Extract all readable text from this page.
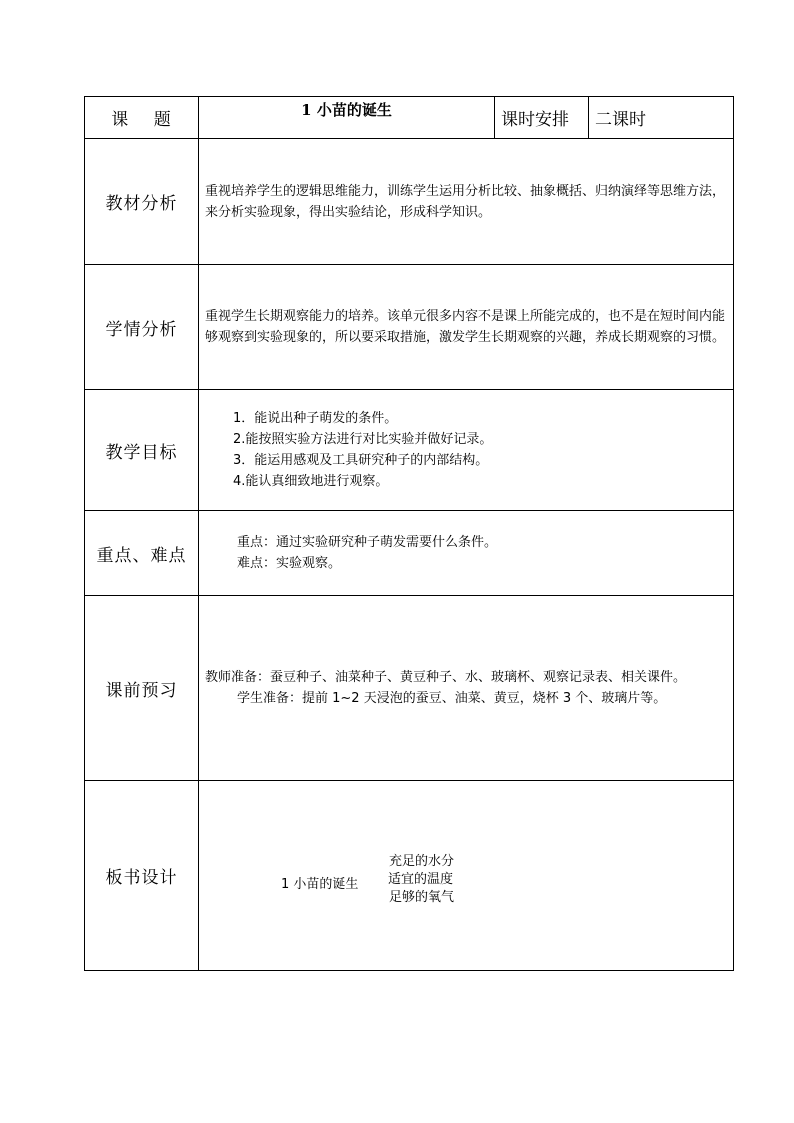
课　 题	1 小苗的诞生	课时安排	二课时
教材分析	重视培养学生的逻辑思维能力，训练学生运用分析比较、抽象概括、归纳演绎等思维方法，来分析实验现象，得出实验结论，形成科学知识。		
学情分析	重视学生长期观察能力的培养。该单元很多内容不是课上所能完成的，也不是在短时间内能够观察到实验现象的，所以要采取措施，激发学生长期观察的兴趣，养成长期观察的习惯。		
教学目标	1．能说出种子萌发的条件。

2.能按照实验方法进行对比实验并做好记录。

3．能运用感观及工具研究种子的内部结构。

4.能认真细致地进行观察。		

重点、难点	重点：通过实验研究种子萌发需要什么条件。

难点：实验观察。		

课前预习	教师准备：蚕豆种子、油菜种子、黄豆种子、水、玻璃杯、观察记录表、相关课件。

学生准备：提前 1~2 天浸泡的蚕豆、油菜、黄豆，烧杯 3 个、玻璃片等。		

板书设计	1 小苗的诞生
充足的水分
适宜的温度
足够的氧气		
